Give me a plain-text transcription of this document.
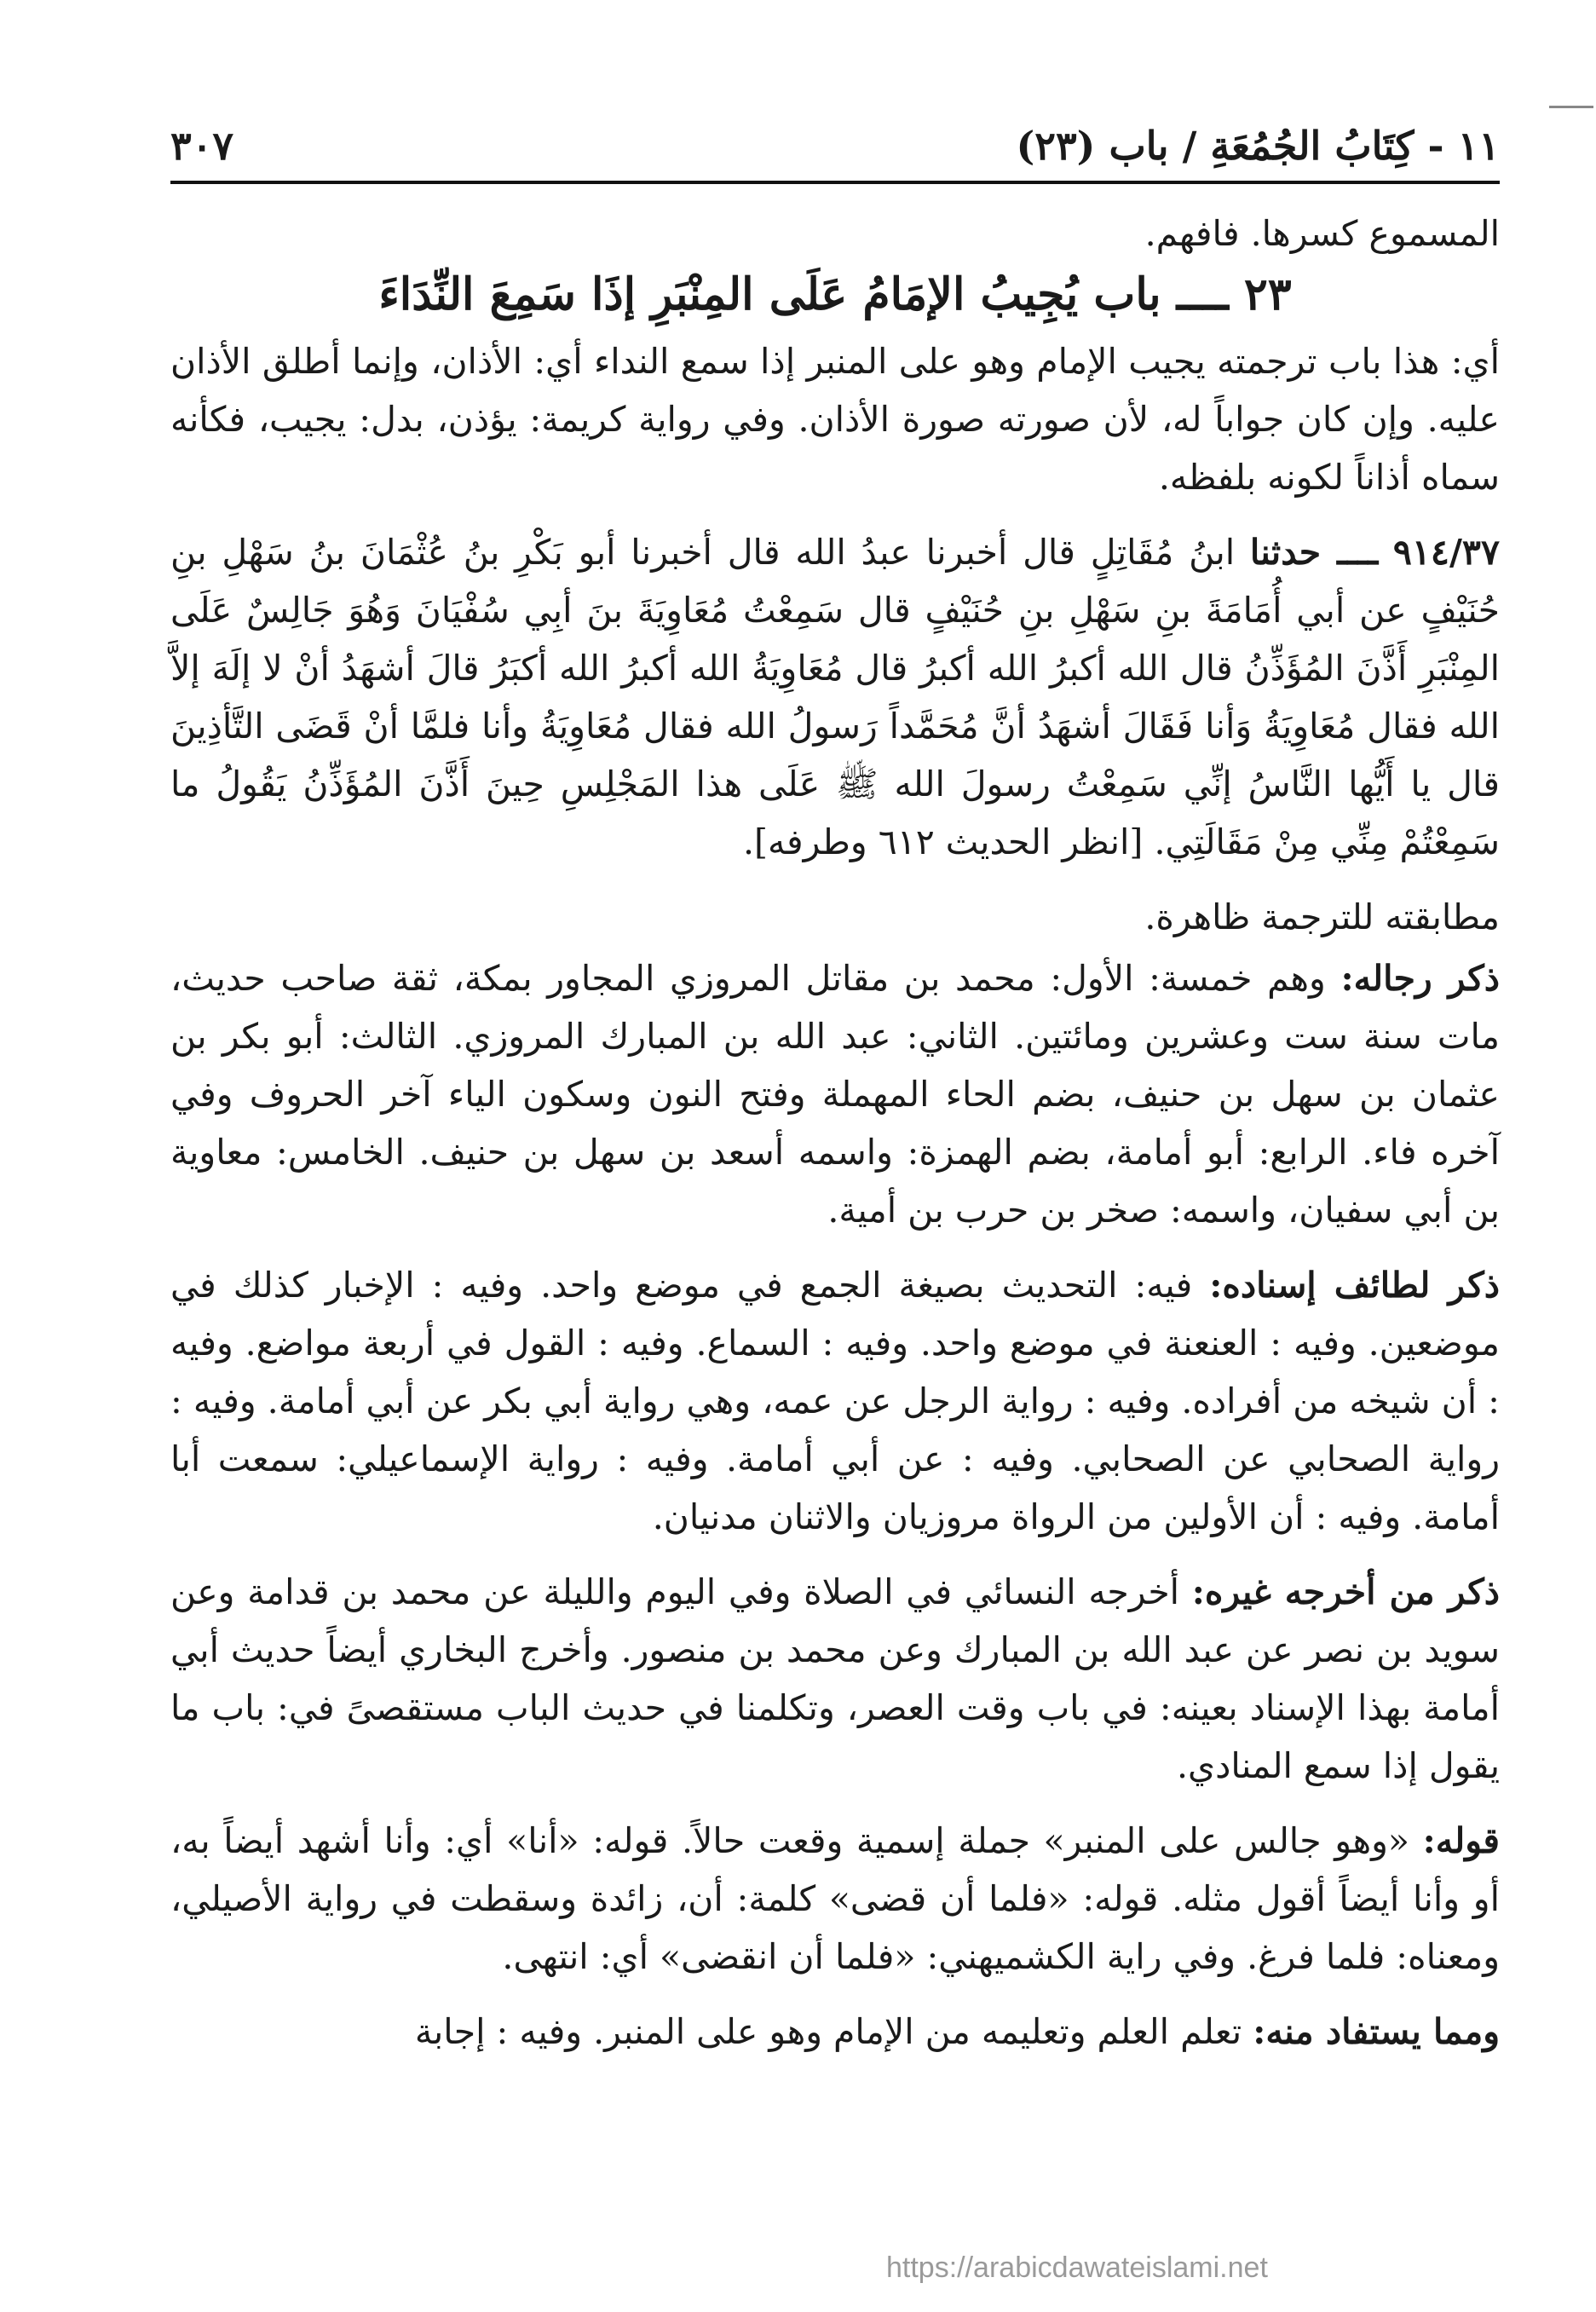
١١ - كِتَابُ الجُمُعَةِ / باب (٢٣)
٣٠٧

المسموع كسرها. فافهم.

٢٣ ــــ باب يُجِيبُ الإمَامُ عَلَى المِنْبَرِ إذَا سَمِعَ النِّدَاءَ

أي: هذا باب ترجمته يجيب الإمام وهو على المنبر إذا سمع النداء أي: الأذان، وإنما أطلق الأذان عليه. وإن كان جواباً له، لأن صورته صورة الأذان. وفي رواية كريمة: يؤذن، بدل: يجيب، فكأنه سماه أذاناً لكونه بلفظه.

٩١٤/٣٧ ــــ حدثنا ابنُ مُقَاتِلٍ قال أخبرنا عبدُ الله قال أخبرنا أبو بَكْرِ بنُ عُثْمَانَ بنُ سَهْلِ بنِ حُنَيْفٍ عن أبي أُمَامَةَ بنِ سَهْلِ بنِ حُنَيْفٍ قال سَمِعْتُ مُعَاوِيَةَ بنَ أبِي سُفْيَانَ وَهُوَ جَالِسٌ عَلَى المِنْبَرِ أَذَّنَ المُؤَذِّنُ قال الله أكبرُ الله أكبرُ قال مُعَاوِيَةُ الله أكبرُ الله أكبَرُ قالَ أشهَدُ أنْ لا إلَهَ إلاَّ الله فقال مُعَاوِيَةُ وَأنا فَقَالَ أشهَدُ أنَّ مُحَمَّداً رَسولُ الله فقال مُعَاوِيَةُ وأنا فلمَّا أنْ قَضَى التَّأذِينَ قال يا أَيُّها النَّاسُ إنِّي سَمِعْتُ رسولَ الله ﷺ عَلَى هذا المَجْلِسِ حِينَ أَذَّنَ المُؤَذِّنُ يَقُولُ ما سَمِعْتُمْ مِنِّي مِنْ مَقَالَتِي. [انظر الحديث ٦١٢ وطرفه].

مطابقته للترجمة ظاهرة.

ذكر رجاله: وهم خمسة: الأول: محمد بن مقاتل المروزي المجاور بمكة، ثقة صاحب حديث، مات سنة ست وعشرين ومائتين. الثاني: عبد الله بن المبارك المروزي. الثالث: أبو بكر بن عثمان بن سهل بن حنيف، بضم الحاء المهملة وفتح النون وسكون الياء آخر الحروف وفي آخره فاء. الرابع: أبو أمامة، بضم الهمزة: واسمه أسعد بن سهل بن حنيف. الخامس: معاوية بن أبي سفيان، واسمه: صخر بن حرب بن أمية.

ذكر لطائف إسناده: فيه: التحديث بصيغة الجمع في موضع واحد. وفيه : الإخبار كذلك في موضعين. وفيه : العنعنة في موضع واحد. وفيه : السماع. وفيه : القول في أربعة مواضع. وفيه : أن شيخه من أفراده. وفيه : رواية الرجل عن عمه، وهي رواية أبي بكر عن أبي أمامة. وفيه : رواية الصحابي عن الصحابي. وفيه : عن أبي أمامة. وفيه : رواية الإسماعيلي: سمعت أبا أمامة. وفيه : أن الأولين من الرواة مروزيان والاثنان مدنيان.

ذكر من أخرجه غيره: أخرجه النسائي في الصلاة وفي اليوم والليلة عن محمد بن قدامة وعن سويد بن نصر عن عبد الله بن المبارك وعن محمد بن منصور. وأخرج البخاري أيضاً حديث أبي أمامة بهذا الإسناد بعينه: في باب وقت العصر، وتكلمنا في حديث الباب مستقصىً في: باب ما يقول إذا سمع المنادي.

قوله: «وهو جالس على المنبر» جملة إسمية وقعت حالاً. قوله: «أنا» أي: وأنا أشهد أيضاً به، أو وأنا أيضاً أقول مثله. قوله: «فلما أن قضى» كلمة: أن، زائدة وسقطت في رواية الأصيلي، ومعناه: فلما فرغ. وفي راية الكشميهني: «فلما أن انقضى» أي: انتهى.

ومما يستفاد منه: تعلم العلم وتعليمه من الإمام وهو على المنبر. وفيه : إجابة

https://arabicdawateislami.net
